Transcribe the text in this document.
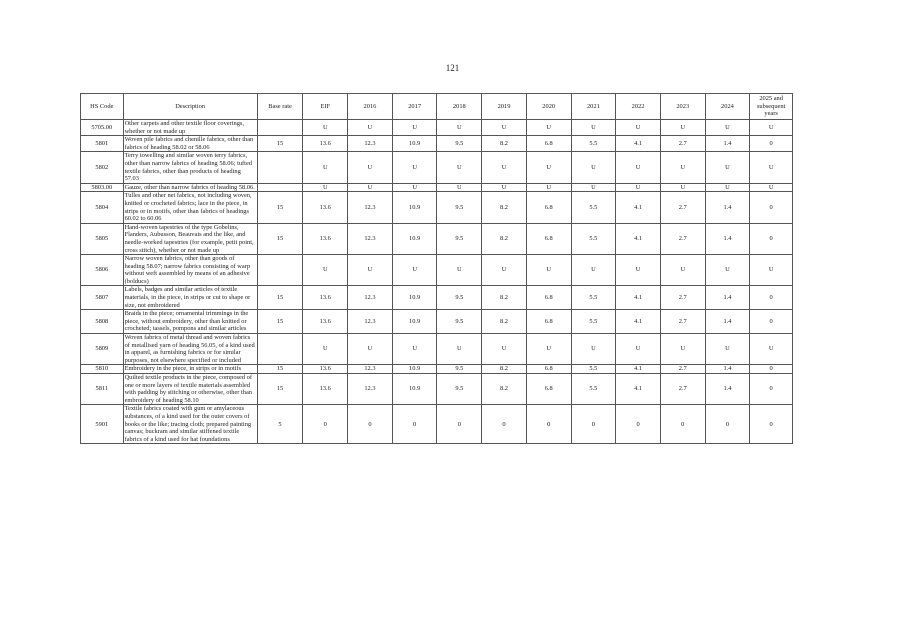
121
HS Code	Description	Base rate	EIF	2016	2017	2018	2019	2020	2021	2022	2023	2024	2025 and subsequent years
5705.00	Other carpets and other textile floor coverings, whether or not made up		U	U	U	U	U	U	U	U	U	U	U
5801	Woven pile fabrics and chenille fabrics, other than fabrics of heading 58.02 or 58.06	15	13.6	12.3	10.9	9.5	8.2	6.8	5.5	4.1	2.7	1.4	0
5802	Terry towelling and similar woven terry fabrics, other than narrow fabrics of heading 58.06; tufted textile fabrics, other than products of heading 57.03		U	U	U	U	U	U	U	U	U	U	U
5803.00	Gauze, other than narrow fabrics of heading 58.06.		U	U	U	U	U	U	U	U	U	U	U
5804	Tulles and other net fabrics, not including woven, knitted or crocheted fabrics; lace in the piece, in strips or in motifs, other than fabrics of headings 60.02 to 60.06	15	13.6	12.3	10.9	9.5	8.2	6.8	5.5	4.1	2.7	1.4	0
5805	Hand-woven tapestries of the type Gobelins, Flanders, Aubusson, Beauvais and the like, and needle-worked tapestries (for example, petit point, cross stitch), whether or not made up	15	13.6	12.3	10.9	9.5	8.2	6.8	5.5	4.1	2.7	1.4	0
5806	Narrow woven fabrics, other than goods of heading 58.07; narrow fabrics consisting of warp without weft assembled by means of an adhesive (bolducs)		U	U	U	U	U	U	U	U	U	U	U
5807	Labels, badges and similar articles of textile materials, in the piece, in strips or cut to shape or size, not embroidered	15	13.6	12.3	10.9	9.5	8.2	6.8	5.5	4.1	2.7	1.4	0
5808	Braids in the piece; ornamental trimmings in the piece, without embroidery, other than knitted or crocheted; tassels, pompons and similar articles	15	13.6	12.3	10.9	9.5	8.2	6.8	5.5	4.1	2.7	1.4	0
5809	Woven fabrics of metal thread and woven fabrics of metallised yarn of heading 56.05, of a kind used in apparel, as furnishing fabrics or for similar purposes, not elsewhere specified or included		U	U	U	U	U	U	U	U	U	U	U
5810	Embroidery in the piece, in strips or in motifs	15	13.6	12.3	10.9	9.5	8.2	6.8	5.5	4.1	2.7	1.4	0
5811	Quilted textile products in the piece, composed of one or more layers of textile materials assembled with padding by stitching or otherwise, other than embroidery of heading 58.10	15	13.6	12.3	10.9	9.5	8.2	6.8	5.5	4.1	2.7	1.4	0
5901	Textile fabrics coated with gum or amylaceous substances, of a kind used for the outer covers of books or the like; tracing cloth; prepared painting canvas; buckram and similar stiffened textile fabrics of a kind used for hat foundations	5	0	0	0	0	0	0	0	0	0	0	0
